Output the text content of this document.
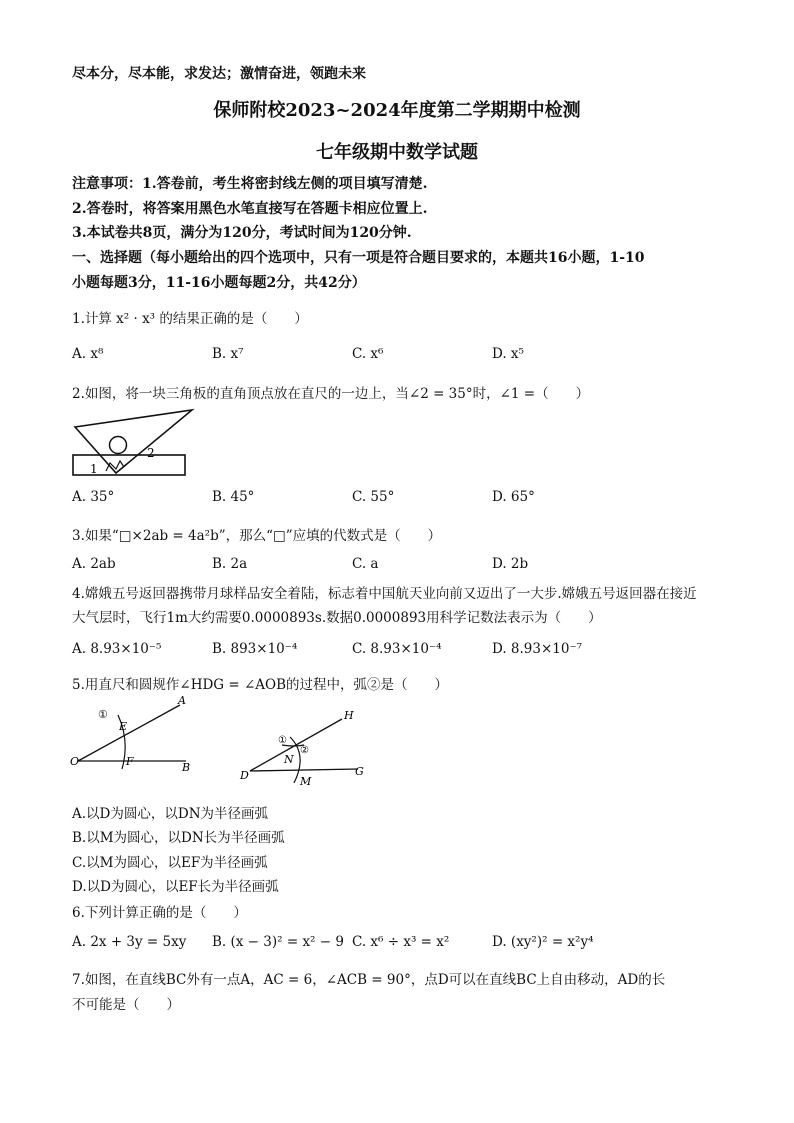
尽本分，尽本能，求发达；激情奋进，领跑未来
保师附校2023~2024年度第二学期期中检测
七年级期中数学试题
注意事项：1.答卷前，考生将密封线左侧的项目填写清楚.
2.答卷时，将答案用黑色水笔直接写在答题卡相应位置上.
3.本试卷共8页，满分为120分，考试时间为120分钟.
一、选择题（每小题给出的四个选项中，只有一项是符合题目要求的，本题共16小题，1-10
小题每题3分，11-16小题每题2分，共42分）
1.计算 x² · x³ 的结果正确的是（　　）
A. x⁸	B. x⁷	C. x⁶	D. x⁵
2.如图，将一块三角板的直角顶点放在直尺的一边上，当∠2 = 35°时，∠1 =（　　）
1
2
A. 35°	B. 45°	C. 55°	D. 65°
3.如果“□×2ab = 4a²b”，那么“□”应填的代数式是（　　）
A. 2ab	B. 2a	C. a	D. 2b
4.嫦娥五号返回器携带月球样品安全着陆，标志着中国航天业向前又迈出了一大步.嫦娥五号返回器在接近
大气层时，飞行1m大约需要0.0000893s.数据0.0000893用科学记数法表示为（　　）
A. 8.93×10⁻⁵	B. 893×10⁻⁴	C. 8.93×10⁻⁴	D. 8.93×10⁻⁷
5.用直尺和圆规作∠HDG = ∠AOB的过程中，弧②是（　　）
①
E
A
O	F	B
H
①
②
N
D	M
G
A.以D为圆心，以DN为半径画弧
B.以M为圆心，以DN长为半径画弧
C.以M为圆心，以EF为半径画弧
D.以D为圆心，以EF长为半径画弧
6.下列计算正确的是（　　）
A. 2x + 3y = 5xy B. (x − 3)² = x² − 9 C. x⁶ ÷ x³ = x²	D. (xy²)² = x²y⁴
7.如图，在直线BC外有一点A，AC = 6，∠ACB = 90°，点D可以在直线BC上自由移动，AD的长
不可能是（　　）
